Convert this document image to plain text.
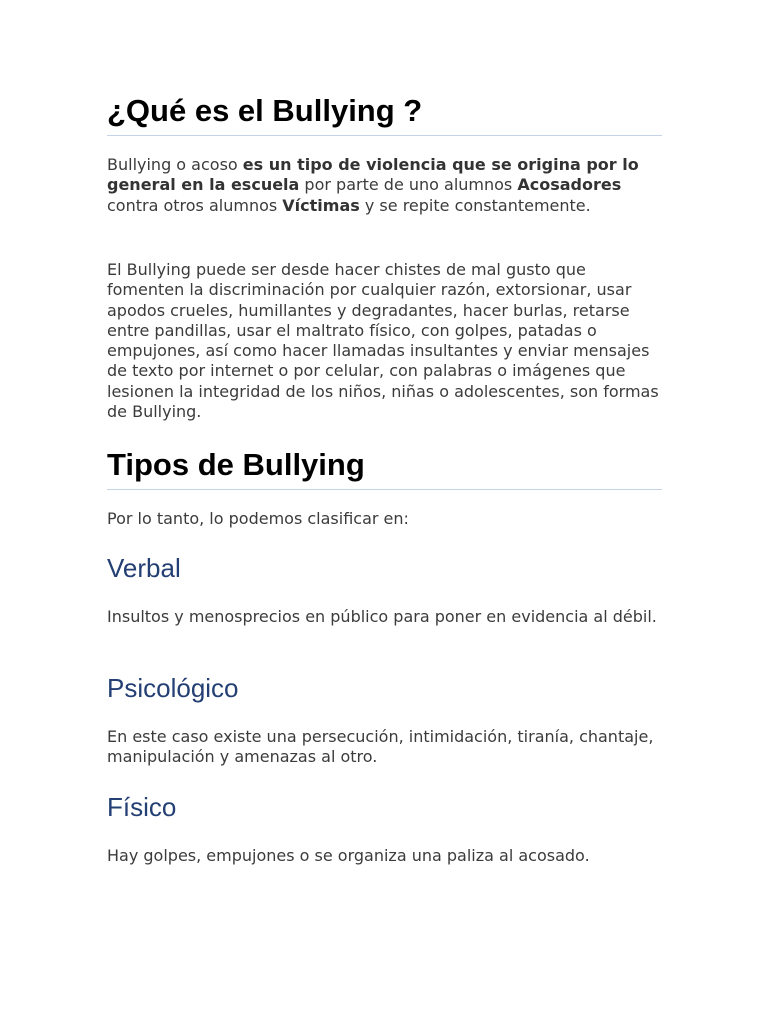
¿Qué es el Bullying ?

Bullying o acoso es un tipo de violencia que se origina por lo general en la escuela por parte de uno alumnos Acosadores contra otros alumnos Víctimas y se repite constantemente.

El Bullying puede ser desde hacer chistes de mal gusto que fomenten la discriminación por cualquier razón, extorsionar, usar apodos crueles, humillantes y degradantes, hacer burlas, retarse entre pandillas, usar el maltrato físico, con golpes, patadas o empujones, así como hacer llamadas insultantes y enviar mensajes de texto por internet o por celular, con palabras o imágenes que lesionen la integridad de los niños, niñas o adolescentes, son formas de Bullying.

Tipos de Bullying

Por lo tanto, lo podemos clasificar en:

Verbal

Insultos y menosprecios en público para poner en evidencia al débil.

Psicológico

En este caso existe una persecución, intimidación, tiranía, chantaje, manipulación y amenazas al otro.

Físico

Hay golpes, empujones o se organiza una paliza al acosado.
